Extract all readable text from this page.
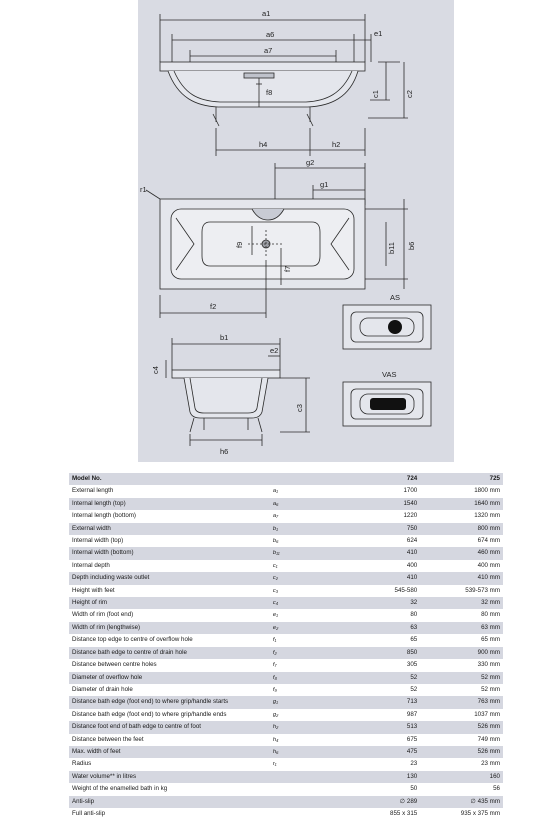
a1
a6	e1
a7
f8	c1	c2
h4	h2
g2
g1
r1
f9
f7
b11 b6
f2
b1
e2
c4
c3
h6
AS
VAS
Model No.		724	725
External length	a₁	1700	1800 mm
Internal length (top)	a₆	1540	1640 mm
Internal length (bottom)	a₇	1220	1320 mm
External width	b₁	750	800 mm
Internal width (top)	b₆	624	674 mm
Internal width (bottom)	b₁₁	410	460 mm
Internal depth	c₁	400	400 mm
Depth including waste outlet	c₂	410	410 mm
Height with feet	c₃	545-580	539-573 mm
Height of rim	c₄	32	32 mm
Width of rim (foot end)	e₁	80	80 mm
Width of rim (lengthwise)	e₂	63	63 mm
Distance top edge to centre of overflow hole	f₁	65	65 mm
Distance bath edge to centre of drain hole	f₂	850	900 mm
Distance between centre holes	f₇	305	330 mm
Diameter of overflow hole	f₈	52	52 mm
Diameter of drain hole	f₉	52	52 mm
Distance bath edge (foot end) to where grip/handle starts	g₁	713	763 mm
Distance bath edge (foot end) to where grip/handle ends	g₂	987	1037 mm
Distance foot end of bath edge to centre of foot	h₂	513	526 mm
Distance between the feet	h₄	675	749 mm
Max. width of feet	h₆	475	526 mm
Radius	r₁	23	23 mm
Water volume** in litres		130	160
Weight of the enamelled bath in kg		50	56
Anti-slip		∅ 289	∅ 435 mm
Full anti-slip		855 x 315	935 x 375 mm
